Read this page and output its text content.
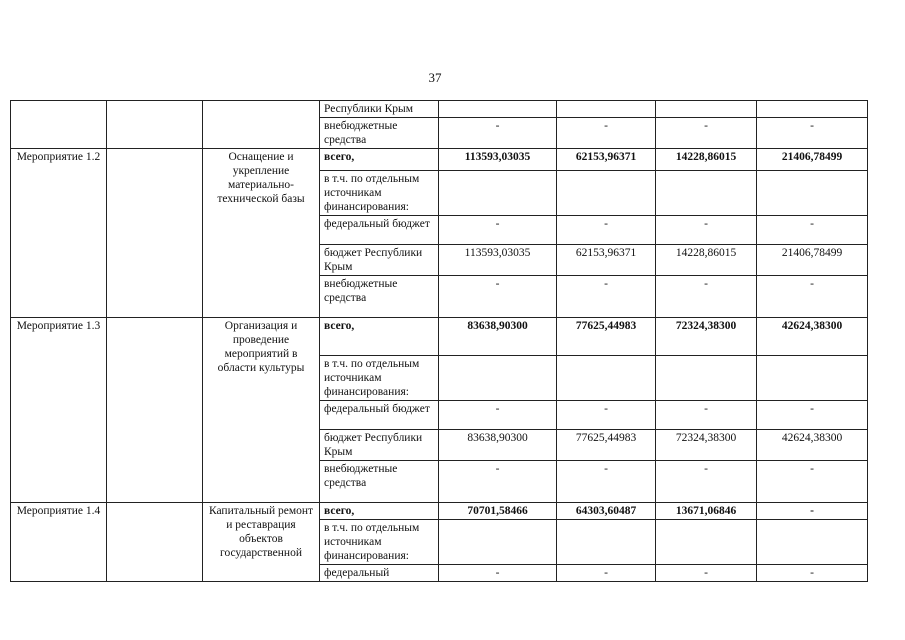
37
			Республики Крым				
			внебюджетные средства	-	-	-	-
Мероприятие 1.2		Оснащение и укрепление материально-технической базы	всего,	113593,03035	62153,96371	14228,86015	21406,78499
			в т.ч. по отдельным источникам финансирования:				
			федеральный бюджет	-	-	-	-
			бюджет Республики Крым	113593,03035	62153,96371	14228,86015	21406,78499
			внебюджетные средства	-	-	-	-
Мероприятие 1.3		Организация и проведение мероприятий в области культуры	всего,	83638,90300	77625,44983	72324,38300	42624,38300
			в т.ч. по отдельным источникам финансирования:				
			федеральный бюджет	-	-	-	-
			бюджет Республики Крым	83638,90300	77625,44983	72324,38300	42624,38300
			внебюджетные средства	-	-	-	-
Мероприятие 1.4		Капитальный ремонт и реставрация объектов государственной	всего,	70701,58466	64303,60487	13671,06846	-
			в т.ч. по отдельным источникам финансирования:				
			федеральный	-	-	-	-
